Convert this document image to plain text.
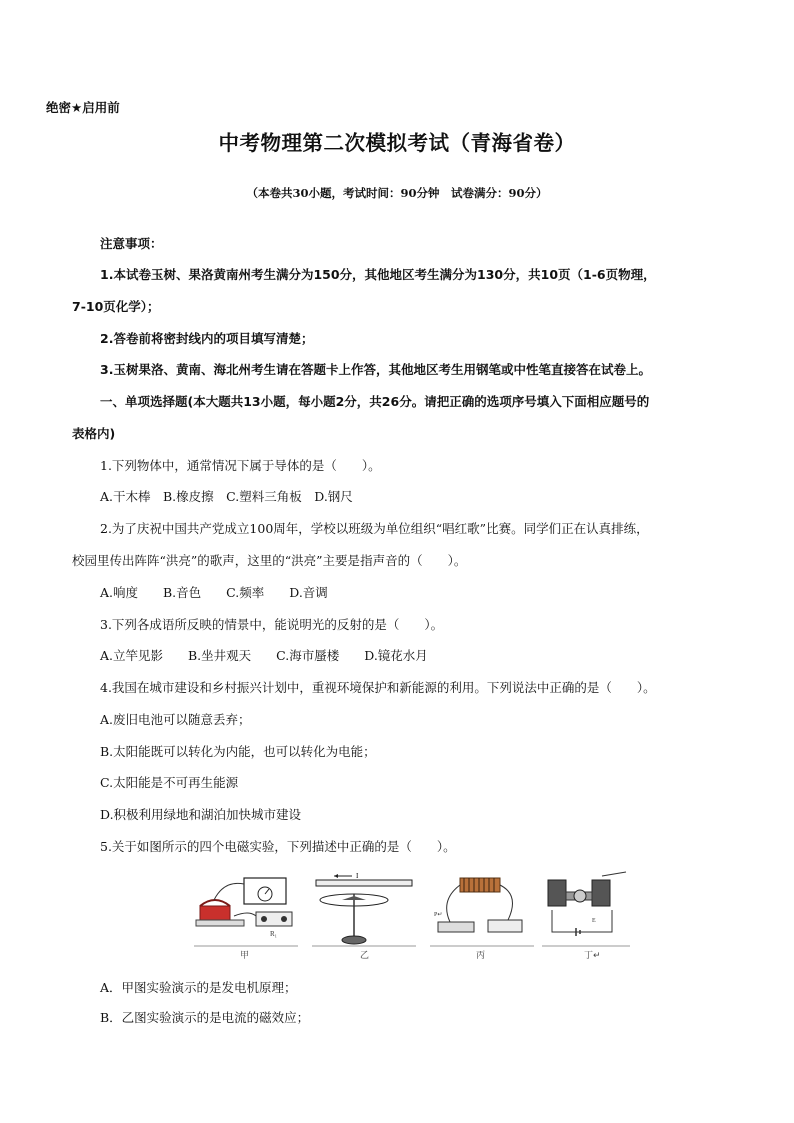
绝密★启用前
中考物理第二次模拟考试（青海省卷）
（本卷共30小题，考试时间：90分钟　试卷满分：90分）
注意事项：
1.本试卷玉树、果洛黄南州考生满分为150分，其他地区考生满分为130分，共10页（1-6页物理，
7-10页化学）；
2.答卷前将密封线内的项目填写清楚；
3.玉树果洛、黄南、海北州考生请在答题卡上作答，其他地区考生用钢笔或中性笔直接答在试卷上。
一、单项选择题(本大题共13小题，每小题2分，共26分。请把正确的选项序号填入下面相应题号的
表格内)
1.下列物体中，通常情况下属于导体的是（　　）。
A.干木棒　B.橡皮擦　C.塑料三角板　D.钢尺
2.为了庆祝中国共产党成立100周年，学校以班级为单位组织“唱红歌”比赛。同学们正在认真排练，
校园里传出阵阵“洪亮”的歌声，这里的“洪亮”主要是指声音的（　　）。
A.响度　　B.音色　　C.频率　　D.音调
3.下列各成语所反映的情景中，能说明光的反射的是（　　）。
A.立竿见影　　B.坐井观天　　C.海市蜃楼　　D.镜花水月
4.我国在城市建设和乡村振兴计划中，重视环境保护和新能源的利用。下列说法中正确的是（　　）。
A.废旧电池可以随意丢弃；
B.太阳能既可以转化为内能，也可以转化为电能；
C.太阳能是不可再生能源
D.积极利用绿地和湖泊加快城市建设
5.关于如图所示的四个电磁实验，下列描述中正确的是（　　）。
R₁
I
P↵
E
甲	乙	丙	丁↵
A．甲图实验演示的是发电机原理；
B．乙图实验演示的是电流的磁效应；
